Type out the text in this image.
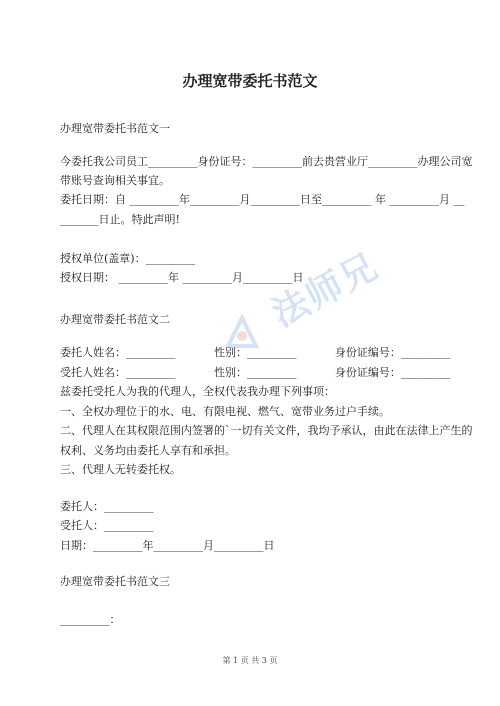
办理宽带委托书范文
办理宽带委托书范文一
今委托我公司员工_________身份证号：_________前去贵营业厅_________办理公司宽
带账号查询相关事宜。
委托日期：自 _________年_________月_________日至_________ 年 _________月 __
_______日止。特此声明!
授权单位(盖章)：_________
授权日期： _________年 _________月_________日
办理宽带委托书范文二
委托人姓名：_________           性别：_________           身份证编号：_________
受托人姓名：_________           性别：_________           身份证编号：_________
兹委托受托人为我的代理人，全权代表我办理下列事项：
一、全权办理位于的水、电、有限电视、燃气、宽带业务过户手续。
二、代理人在其权限范围内签署的`一切有关文件，我均予承认，由此在法律上产生的
权利、义务均由委托人享有和承担。
三、代理人无转委托权。
委托人：_________
受托人：_________
日期：_________年_________月_________日
办理宽带委托书范文三
_________：
法师兄
第 1 页 共 3 页
